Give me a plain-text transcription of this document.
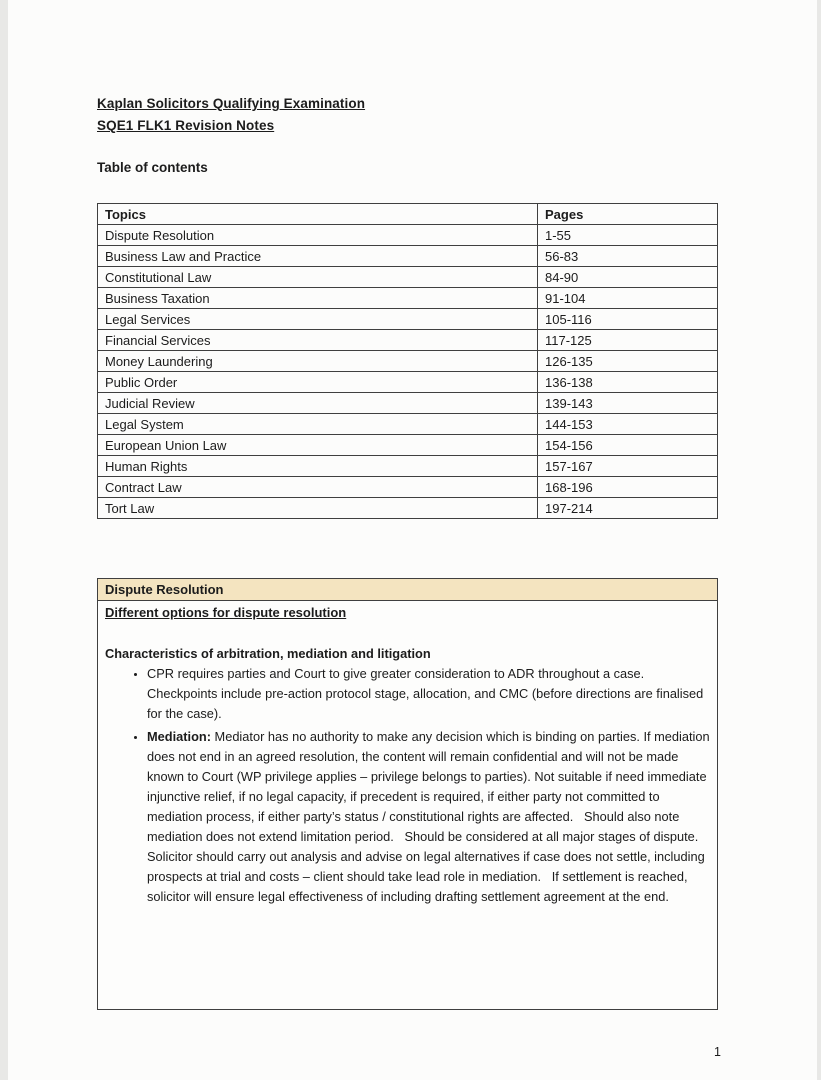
Kaplan Solicitors Qualifying Examination
SQE1 FLK1 Revision Notes
Table of contents
Topics	Pages
Dispute Resolution	1-55
Business Law and Practice	56-83
Constitutional Law	84-90
Business Taxation	91-104
Legal Services	105-116
Financial Services	117-125
Money Laundering	126-135
Public Order	136-138
Judicial Review	139-143
Legal System	144-153
European Union Law	154-156
Human Rights	157-167
Contract Law	168-196
Tort Law	197-214
Dispute Resolution
Different options for dispute resolution
Characteristics of arbitration, mediation and litigation
• CPR requires parties and Court to give greater consideration to ADR throughout a case. Checkpoints include pre-action protocol stage, allocation, and CMC (before directions are finalised for the case).
• Mediation: Mediator has no authority to make any decision which is binding on parties. If mediation does not end in an agreed resolution, the content will remain confidential and will not be made known to Court (WP privilege applies – privilege belongs to parties). Not suitable if need immediate injunctive relief, if no legal capacity, if precedent is required, if either party not committed to mediation process, if either party’s status / constitutional rights are affected.   Should also note mediation does not extend limitation period.   Should be considered at all major stages of dispute.   Solicitor should carry out analysis and advise on legal alternatives if case does not settle, including prospects at trial and costs – client should take lead role in mediation.   If settlement is reached, solicitor will ensure legal effectiveness of including drafting settlement agreement at the end.
1
